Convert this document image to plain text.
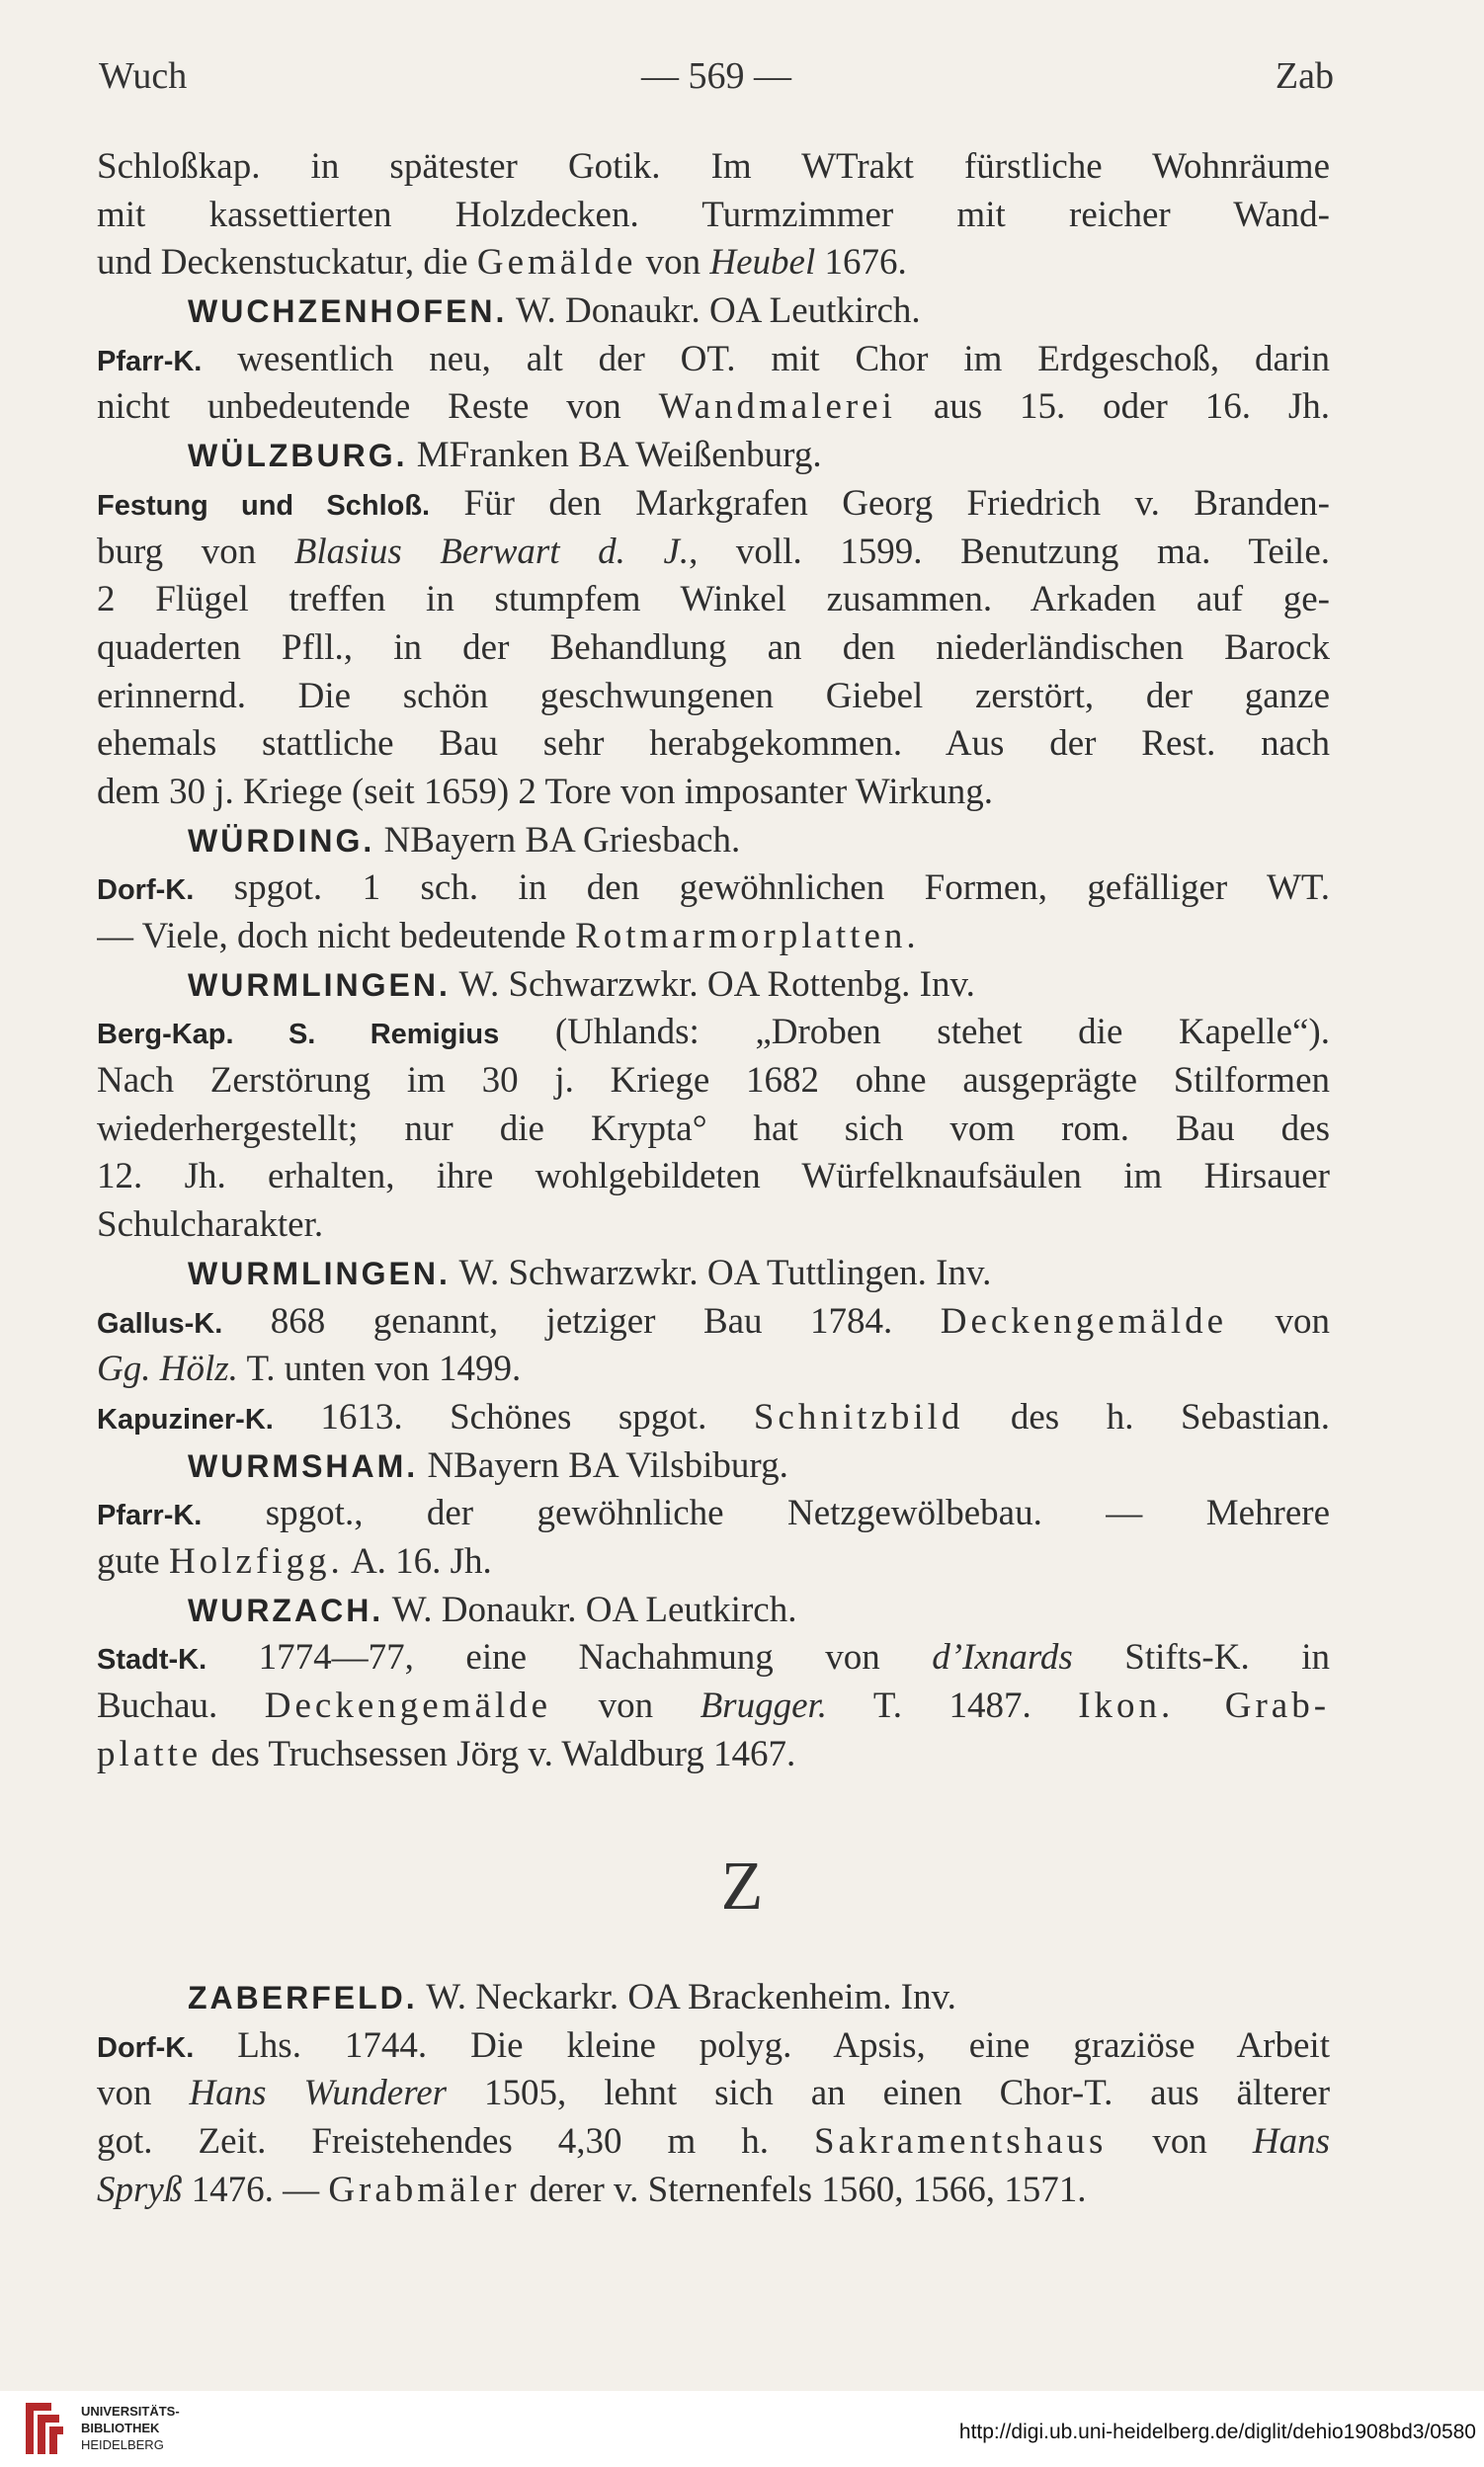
Wuch	— 569 —	Zab
Schloßkap. in spätester Gotik. Im WTrakt fürstliche Wohnräume
mit kassettierten Holzdecken. Turmzimmer mit reicher Wand-
und Deckenstuckatur, die Gemälde von Heubel 1676.
WUCHZENHOFEN. W. Donaukr. OA Leutkirch.
Pfarr-K. wesentlich neu, alt der OT. mit Chor im Erdgeschoß, darin
nicht unbedeutende Reste von Wandmalerei aus 15. oder 16. Jh.
WÜLZBURG. MFranken BA Weißenburg.
Festung und Schloß. Für den Markgrafen Georg Friedrich v. Branden-
burg von Blasius Berwart d. J., voll. 1599. Benutzung ma. Teile.
2 Flügel treffen in stumpfem Winkel zusammen. Arkaden auf ge-
quaderten Pfll., in der Behandlung an den niederländischen Barock
erinnernd. Die schön geschwungenen Giebel zerstört, der ganze
ehemals stattliche Bau sehr herabgekommen. Aus der Rest. nach
dem 30 j. Kriege (seit 1659) 2 Tore von imposanter Wirkung.
WÜRDING. NBayern BA Griesbach.
Dorf-K. spgot. 1 sch. in den gewöhnlichen Formen, gefälliger WT.
— Viele, doch nicht bedeutende Rotmarmorplatten.
WURMLINGEN. W. Schwarzwkr. OA Rottenbg. Inv.
Berg-Kap. S. Remigius (Uhlands: „Droben stehet die Kapelle“).
Nach Zerstörung im 30 j. Kriege 1682 ohne ausgeprägte Stilformen
wiederhergestellt; nur die Krypta° hat sich vom rom. Bau des
12. Jh. erhalten, ihre wohlgebildeten Würfelknaufsäulen im Hirsauer
Schulcharakter.
WURMLINGEN. W. Schwarzwkr. OA Tuttlingen. Inv.
Gallus-K. 868 genannt, jetziger Bau 1784. Deckengemälde von
Gg. Hölz. T. unten von 1499.
Kapuziner-K. 1613. Schönes spgot. Schnitzbild des h. Sebastian.
WURMSHAM. NBayern BA Vilsbiburg.
Pfarr-K. spgot., der gewöhnliche Netzgewölbebau. — Mehrere
gute Holzfigg. A. 16. Jh.
WURZACH. W. Donaukr. OA Leutkirch.
Stadt-K. 1774—77, eine Nachahmung von d’Ixnards Stifts-K. in
Buchau. Deckengemälde von Brugger. T. 1487. Ikon. Grab-
platte des Truchsessen Jörg v. Waldburg 1467.
Z
ZABERFELD. W. Neckarkr. OA Brackenheim. Inv.
Dorf-K. Lhs. 1744. Die kleine polyg. Apsis, eine graziöse Arbeit
von Hans Wunderer 1505, lehnt sich an einen Chor-T. aus älterer
got. Zeit. Freistehendes 4,30 m h. Sakramentshaus von Hans
Spryß 1476. — Grabmäler derer v. Sternenfels 1560, 1566, 1571.
UNIVERSITÄTS-
BIBLIOTHEK
HEIDELBERG
http://digi.ub.uni-heidelberg.de/diglit/dehio1908bd3/0580
